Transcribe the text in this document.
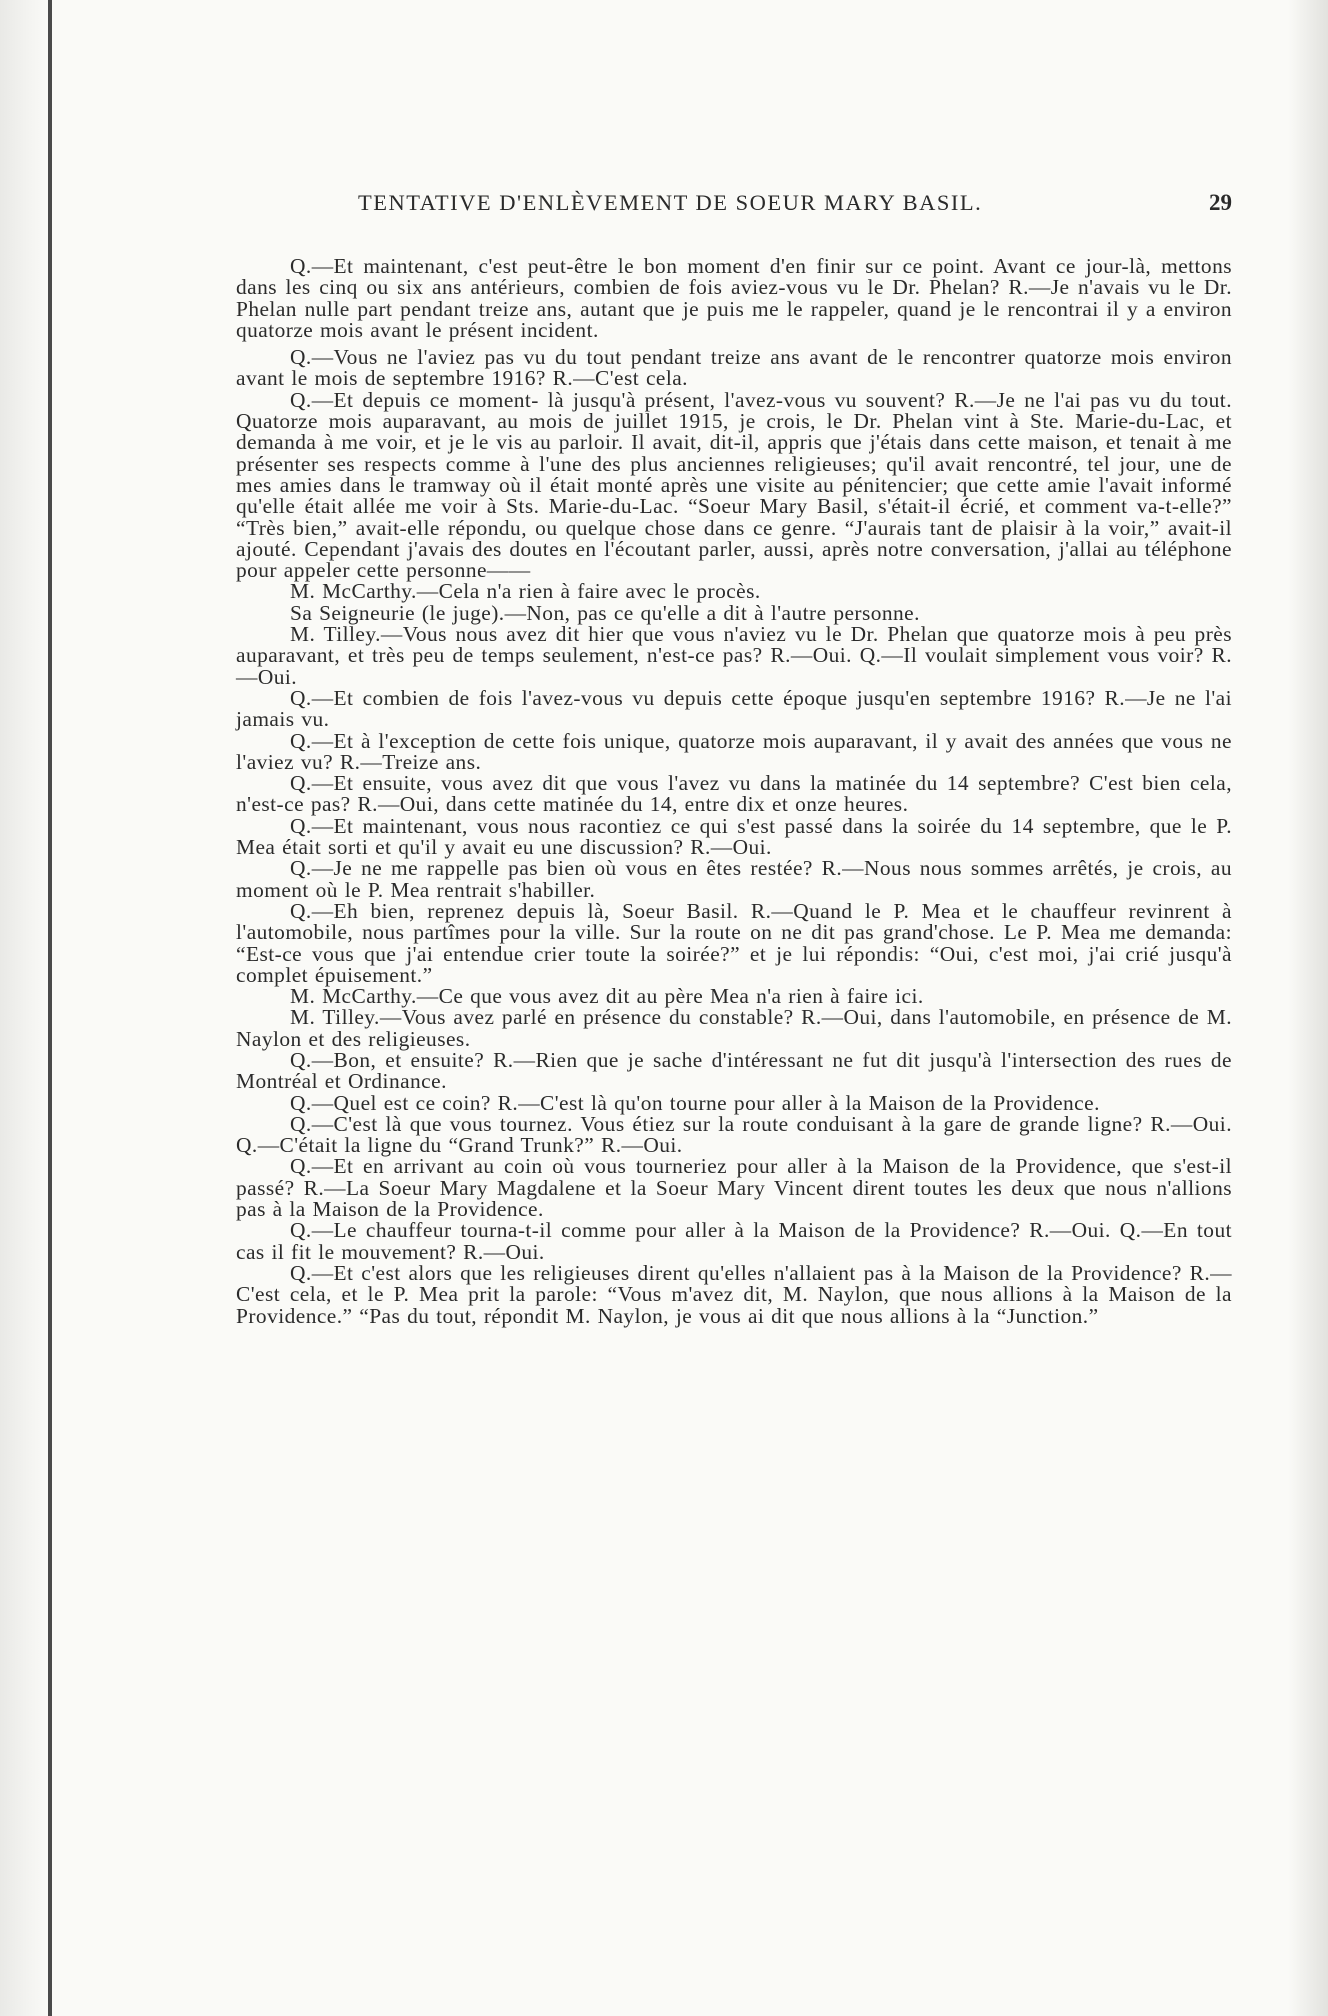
TENTATIVE D'ENLÈVEMENT DE SOEUR MARY BASIL.	29

Q.—Et maintenant, c'est peut-être le bon moment d'en finir sur ce point. Avant ce jour-là, mettons dans les cinq ou six ans antérieurs, combien de fois aviez-vous vu le Dr. Phelan? R.—Je n'avais vu le Dr. Phelan nulle part pendant treize ans, autant que je puis me le rappeler, quand je le rencontrai il y a environ quatorze mois avant le présent incident.

Q.—Vous ne l'aviez pas vu du tout pendant treize ans avant de le rencontrer quatorze mois environ avant le mois de septembre 1916? R.—C'est cela.

Q.—Et depuis ce moment- là jusqu'à présent, l'avez-vous vu souvent? R.—Je ne l'ai pas vu du tout. Quatorze mois auparavant, au mois de juillet 1915, je crois, le Dr. Phelan vint à Ste. Marie-du-Lac, et demanda à me voir, et je le vis au parloir. Il avait, dit-il, appris que j'étais dans cette maison, et tenait à me présenter ses respects comme à l'une des plus anciennes religieuses; qu'il avait rencontré, tel jour, une de mes amies dans le tramway où il était monté après une visite au pénitencier; que cette amie l'avait informé qu'elle était allée me voir à Sts. Marie-du-Lac. “Soeur Mary Basil, s'était-il écrié, et comment va-t-elle?” “Très bien,” avait-elle répondu, ou quelque chose dans ce genre. “J'aurais tant de plaisir à la voir,” avait-il ajouté. Cependant j'avais des doutes en l'écoutant parler, aussi, après notre conversation, j'allai au téléphone pour appeler cette personne——

M. McCarthy.—Cela n'a rien à faire avec le procès.

Sa Seigneurie (le juge).—Non, pas ce qu'elle a dit à l'autre personne.

M. Tilley.—Vous nous avez dit hier que vous n'aviez vu le Dr. Phelan que quatorze mois à peu près auparavant, et très peu de temps seulement, n'est-ce pas? R.—Oui. Q.—Il voulait simplement vous voir? R.—Oui.

Q.—Et combien de fois l'avez-vous vu depuis cette époque jusqu'en septembre 1916? R.—Je ne l'ai jamais vu.

Q.—Et à l'exception de cette fois unique, quatorze mois auparavant, il y avait des années que vous ne l'aviez vu? R.—Treize ans.

Q.—Et ensuite, vous avez dit que vous l'avez vu dans la matinée du 14 septembre? C'est bien cela, n'est-ce pas? R.—Oui, dans cette matinée du 14, entre dix et onze heures.

Q.—Et maintenant, vous nous racontiez ce qui s'est passé dans la soirée du 14 septembre, que le P. Mea était sorti et qu'il y avait eu une discussion? R.—Oui.

Q.—Je ne me rappelle pas bien où vous en êtes restée? R.—Nous nous sommes arrêtés, je crois, au moment où le P. Mea rentrait s'habiller.

Q.—Eh bien, reprenez depuis là, Soeur Basil. R.—Quand le P. Mea et le chauffeur revinrent à l'automobile, nous partîmes pour la ville. Sur la route on ne dit pas grand'chose. Le P. Mea me demanda: “Est-ce vous que j'ai entendue crier toute la soirée?” et je lui répondis: “Oui, c'est moi, j'ai crié jusqu'à complet épuisement.”

M. McCarthy.—Ce que vous avez dit au père Mea n'a rien à faire ici.

M. Tilley.—Vous avez parlé en présence du constable? R.—Oui, dans l'automobile, en présence de M. Naylon et des religieuses.

Q.—Bon, et ensuite? R.—Rien que je sache d'intéressant ne fut dit jusqu'à l'intersection des rues de Montréal et Ordinance.

Q.—Quel est ce coin? R.—C'est là qu'on tourne pour aller à la Maison de la Providence.

Q.—C'est là que vous tournez. Vous étiez sur la route conduisant à la gare de grande ligne? R.—Oui. Q.—C'était la ligne du “Grand Trunk?” R.—Oui.

Q.—Et en arrivant au coin où vous tourneriez pour aller à la Maison de la Providence, que s'est-il passé? R.—La Soeur Mary Magdalene et la Soeur Mary Vincent dirent toutes les deux que nous n'allions pas à la Maison de la Providence.

Q.—Le chauffeur tourna-t-il comme pour aller à la Maison de la Providence? R.—Oui. Q.—En tout cas il fit le mouvement? R.—Oui.

Q.—Et c'est alors que les religieuses dirent qu'elles n'allaient pas à la Maison de la Providence? R.—C'est cela, et le P. Mea prit la parole: “Vous m'avez dit, M. Naylon, que nous allions à la Maison de la Providence.” “Pas du tout, répondit M. Naylon, je vous ai dit que nous allions à la “Junction.”
